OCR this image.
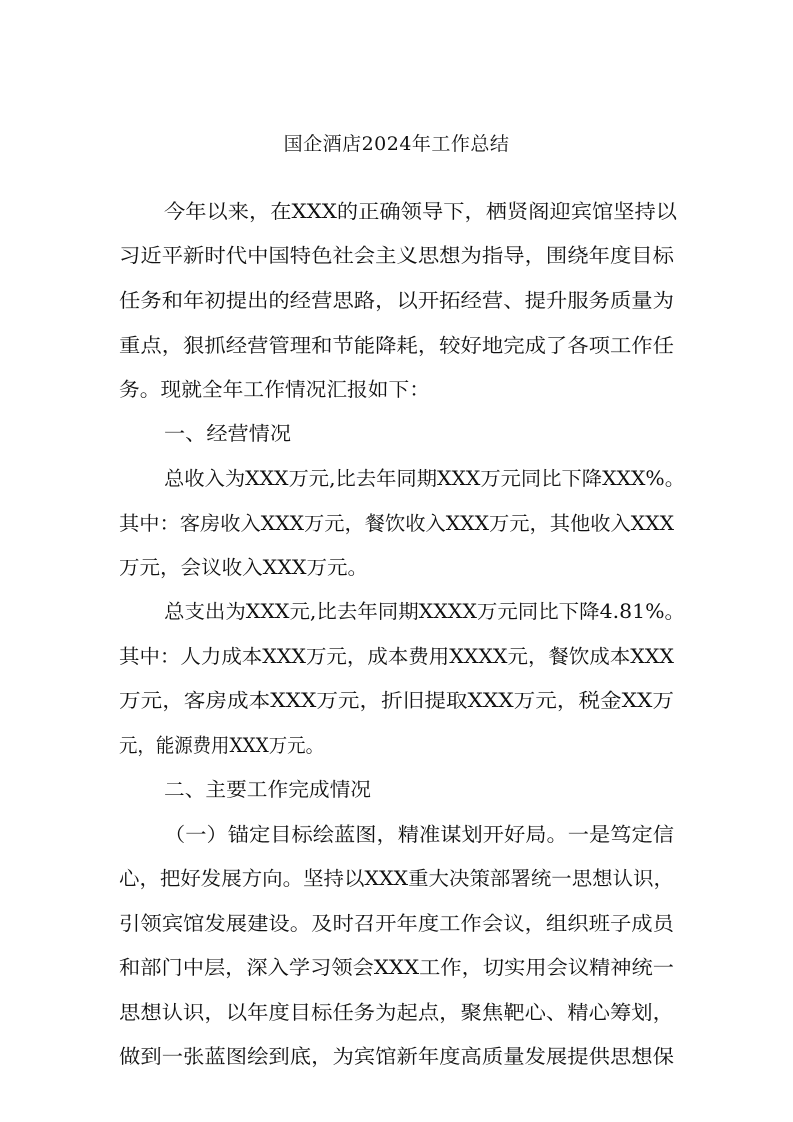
国企酒店2024年工作总结
今年以来，在XXX的正确领导下，栖贤阁迎宾馆坚持以
习近平新时代中国特色社会主义思想为指导，围绕年度目标
任务和年初提出的经营思路，以开拓经营、提升服务质量为
重点，狠抓经营管理和节能降耗，较好地完成了各项工作任
务。现就全年工作情况汇报如下：
一、经营情况
总收入为XXX万元,比去年同期XXX万元同比下降XXX%。
其中：客房收入XXX万元，餐饮收入XXX万元，其他收入XXX
万元，会议收入XXX万元。
总支出为XXX元,比去年同期XXXX万元同比下降4.81%。
其中：人力成本XXX万元，成本费用XXXX元，餐饮成本XXX
万元，客房成本XXX万元，折旧提取XXX万元，税金XX万
元，能源费用XXX万元。
二、主要工作完成情况
（一）锚定目标绘蓝图，精准谋划开好局。一是笃定信
心，把好发展方向。坚持以XXX重大决策部署统一思想认识，
引领宾馆发展建设。及时召开年度工作会议，组织班子成员
和部门中层，深入学习领会XXX工作，切实用会议精神统一
思想认识，以年度目标任务为起点，聚焦靶心、精心筹划，
做到一张蓝图绘到底，为宾馆新年度高质量发展提供思想保
